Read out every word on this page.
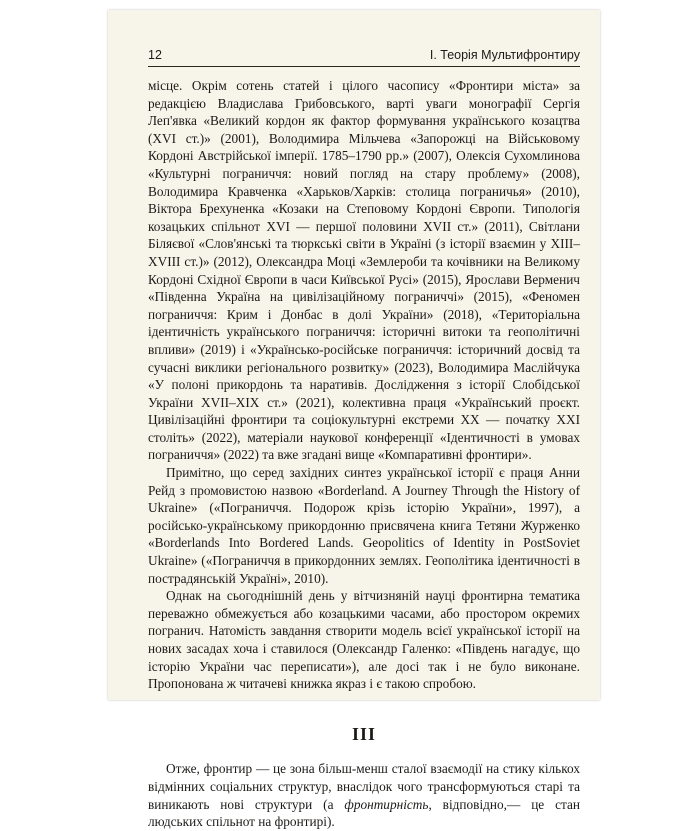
12	І. Теорія Мультифронтиру

місце. Окрім сотень статей і цілого часопису «Фронтири міста» за редакцією Владислава Грибовського, варті уваги монографії Сергія Леп'явка «Великий кордон як фактор формування українського козацтва (XVI ст.)» (2001), Володимира Мільчева «Запорожці на Військовому Кордоні Австрійської імперії. 1785–1790 рр.» (2007), Олексія Сухомлинова «Культурні пограниччя: новий погляд на стару проблему» (2008), Володимира Кравченка «Харьков/Харків: столица пограничья» (2010), Віктора Брехуненка «Козаки на Степовому Кордоні Європи. Типологія козацьких спільнот XVI — першої половини XVII ст.» (2011), Світлани Біляєвої «Слов'янські та тюркські світи в Україні (з історії взаємин у XIII–XVIII ст.)» (2012), Олександра Моці «Землероби та кочівники на Великому Кордоні Східної Європи в часи Київської Русі» (2015), Ярослави Верменич «Південна Україна на цивілізаційному пограниччі» (2015), «Феномен пограниччя: Крим і Донбас в долі України» (2018), «Територіальна ідентичність українського пограниччя: історичні витоки та геополітичні впливи» (2019) і «Українсько-російське пограниччя: історичний досвід та сучасні виклики регіонального розвитку» (2023), Володимира Маслійчука «У полоні прикордонь та наративів. Дослідження з історії Слобідської України XVII–XIX ст.» (2021), колективна праця «Український проєкт. Цивілізаційні фронтири та соціокультурні екстреми XX — початку XXI століть» (2022), матеріали наукової конференції «Ідентичності в умовах пограниччя» (2022) та вже згадані вище «Компаративні фронтири».

Примітно, що серед західних синтез української історії є праця Анни Рейд з промовистою назвою «Borderland. A Journey Through the History of Ukraine» («Пограниччя. Подорож крізь історію України», 1997), а російсько-українському прикордонню присвячена книга Тетяни Журженко «Borderlands Into Bordered Lands. Geopolitics of Identity in PostSoviet Ukraine» («Пограниччя в прикордонних землях. Геополітика ідентичності в пострадянській Україні», 2010).

Однак на сьогоднішній день у вітчизняній науці фронтирна тематика переважно обмежується або козацькими часами, або простором окремих погранич. Натомість завдання створити модель всієї української історії на нових засадах хоча і ставилося (Олександр Галенко: «Південь нагадує, що історію України час переписати»), але досі так і не було виконане. Пропонована ж читачеві книжка якраз і є такою спробою.

III

Отже, фронтир — це зона більш-менш сталої взаємодії на стику кількох відмінних соціальних структур, внаслідок чого трансформуються старі та виникають нові структури (а фронтирність, відповідно,— це стан людських спільнот на фронтирі).
